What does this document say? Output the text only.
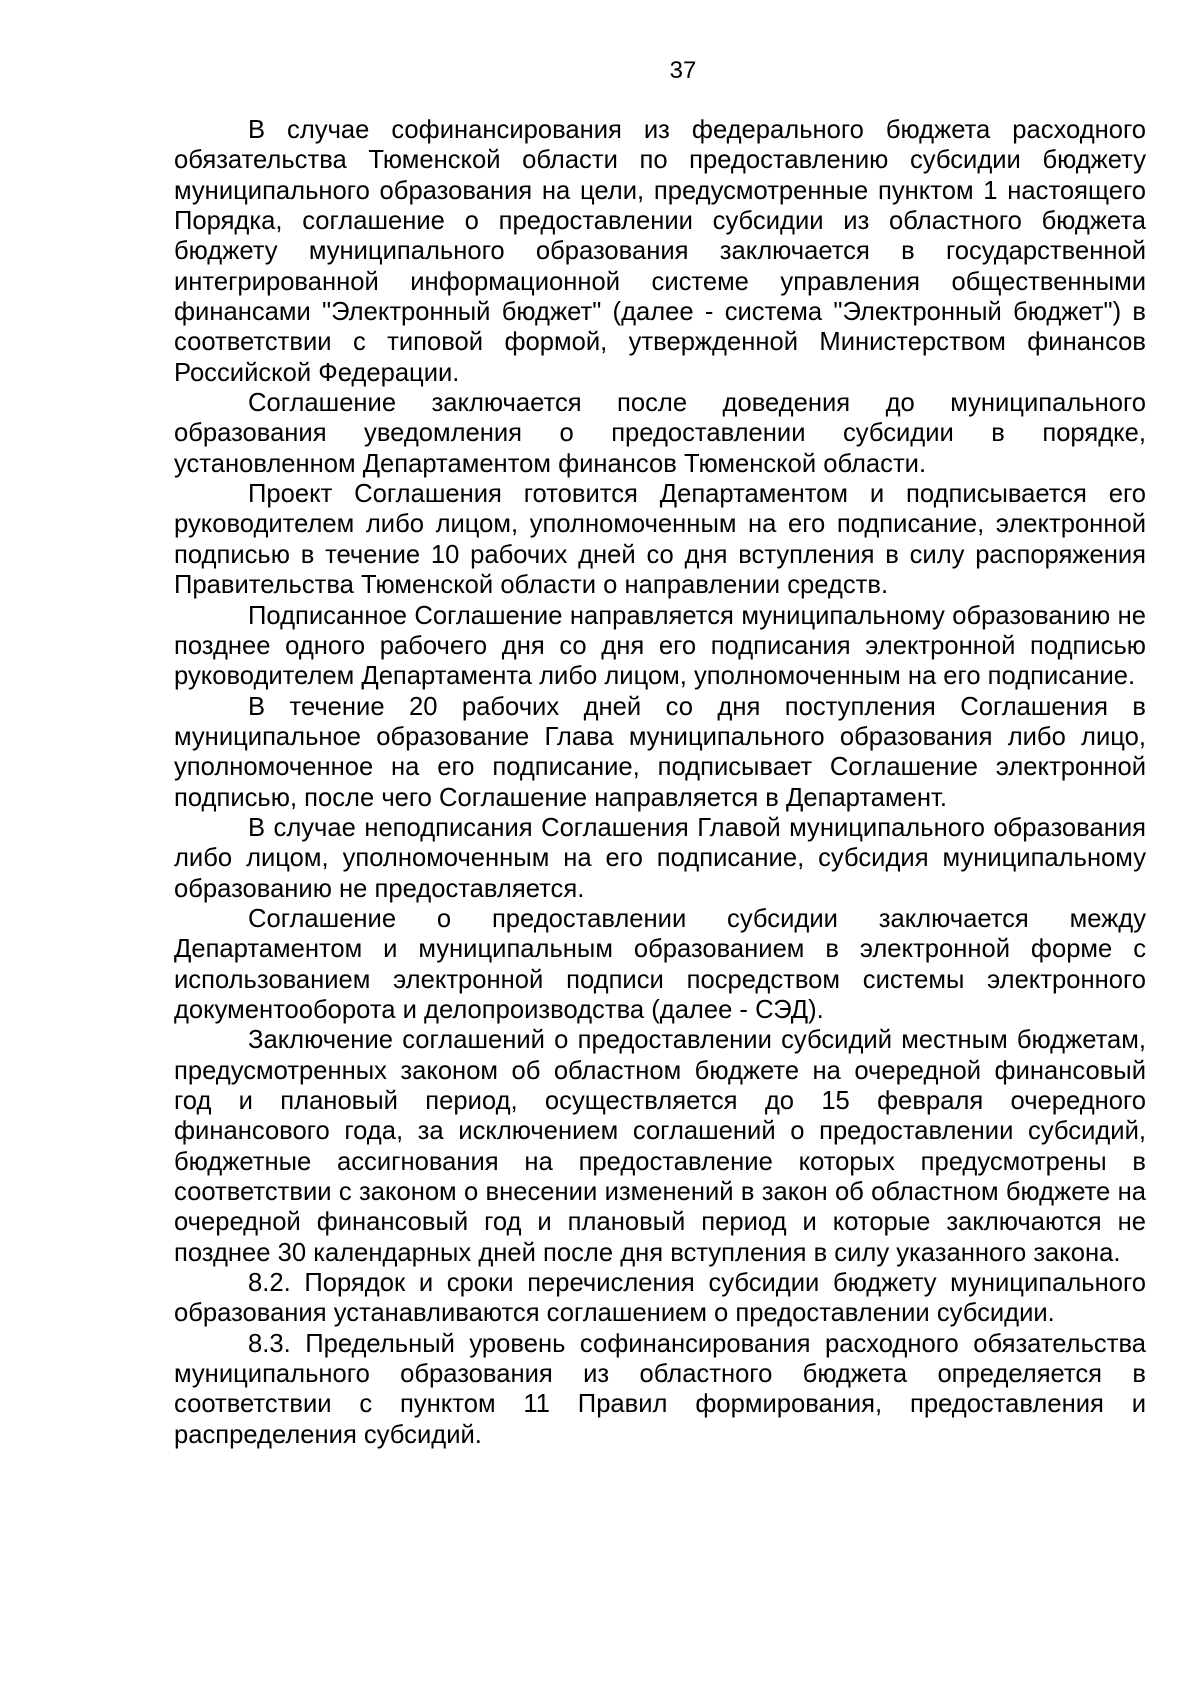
37

В случае софинансирования из федерального бюджета расходного обязательства Тюменской области по предоставлению субсидии бюджету муниципального образования на цели, предусмотренные пунктом 1 настоящего Порядка, соглашение о предоставлении субсидии из областного бюджета бюджету муниципального образования заключается в государственной интегрированной информационной системе управления общественными финансами "Электронный бюджет" (далее - система "Электронный бюджет") в соответствии с типовой формой, утвержденной Министерством финансов Российской Федерации.

Соглашение заключается после доведения до муниципального образования уведомления о предоставлении субсидии в порядке, установленном Департаментом финансов Тюменской области.

Проект Соглашения готовится Департаментом и подписывается его руководителем либо лицом, уполномоченным на его подписание, электронной подписью в течение 10 рабочих дней со дня вступления в силу распоряжения Правительства Тюменской области о направлении средств.

Подписанное Соглашение направляется муниципальному образованию не позднее одного рабочего дня со дня его подписания электронной подписью руководителем Департамента либо лицом, уполномоченным на его подписание.

В течение 20 рабочих дней со дня поступления Соглашения в муниципальное образование Глава муниципального образования либо лицо, уполномоченное на его подписание, подписывает Соглашение электронной подписью, после чего Соглашение направляется в Департамент.

В случае неподписания Соглашения Главой муниципального образования либо лицом, уполномоченным на его подписание, субсидия муниципальному образованию не предоставляется.

Соглашение о предоставлении субсидии заключается между Департаментом и муниципальным образованием в электронной форме с использованием электронной подписи посредством системы электронного документооборота и делопроизводства (далее - СЭД).

Заключение соглашений о предоставлении субсидий местным бюджетам, предусмотренных законом об областном бюджете на очередной финансовый год и плановый период, осуществляется до 15 февраля очередного финансового года, за исключением соглашений о предоставлении субсидий, бюджетные ассигнования на предоставление которых предусмотрены в соответствии с законом о внесении изменений в закон об областном бюджете на очередной финансовый год и плановый период и которые заключаются не позднее 30 календарных дней после дня вступления в силу указанного закона.

8.2. Порядок и сроки перечисления субсидии бюджету муниципального образования устанавливаются соглашением о предоставлении субсидии.

8.3. Предельный уровень софинансирования расходного обязательства муниципального образования из областного бюджета определяется в соответствии с пунктом 11 Правил формирования, предоставления и распределения субсидий.
